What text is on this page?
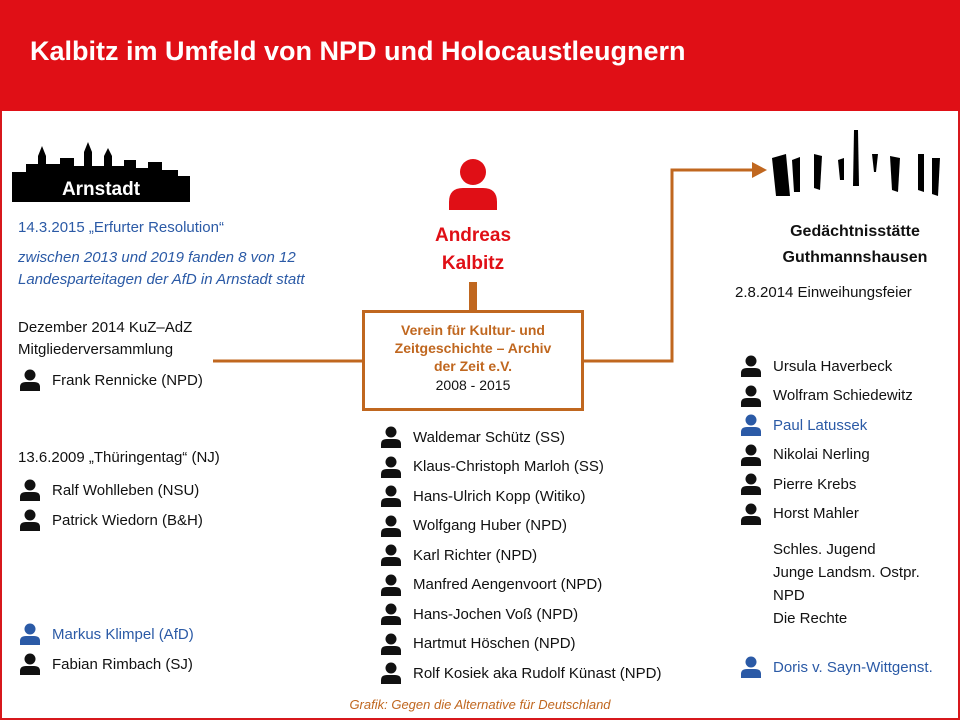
Kalbitz im Umfeld von NPD und Holocaustleugnern
Arnstadt
Andreas
Kalbitz
Verein für Kultur- und
Zeitgeschichte – Archiv
der Zeit e.V.
2008 - 2015
14.3.2015 „Erfurter Resolution“
zwischen 2013 und 2019 fanden 8 von 12
Landesparteitagen der AfD in Arnstadt statt
Dezember 2014 KuZ–AdZ
Mitgliederversammlung
Frank Rennicke (NPD)
13.6.2009 „Thüringentag“ (NJ)
Ralf Wohlleben (NSU)
Patrick Wiedorn (B&H)
Markus Klimpel (AfD)
Fabian Rimbach (SJ)
Waldemar Schütz (SS)
Klaus-Christoph Marloh (SS)
Hans-Ulrich Kopp (Witiko)
Wolfgang Huber (NPD)
Karl Richter (NPD)
Manfred Aengenvoort (NPD)
Hans-Jochen Voß (NPD)
Hartmut Höschen (NPD)
Rolf Kosiek aka Rudolf Künast (NPD)
Gedächtnisstätte
Guthmannshausen
2.8.2014 Einweihungsfeier
Ursula Haverbeck
Wolfram Schiedewitz
Paul Latussek
Nikolai Nerling
Pierre Krebs
Horst Mahler
Schles. Jugend
Junge Landsm. Ostpr.
NPD
Die Rechte
Doris v. Sayn-Wittgenst.
Grafik: Gegen die Alternative für Deutschland
